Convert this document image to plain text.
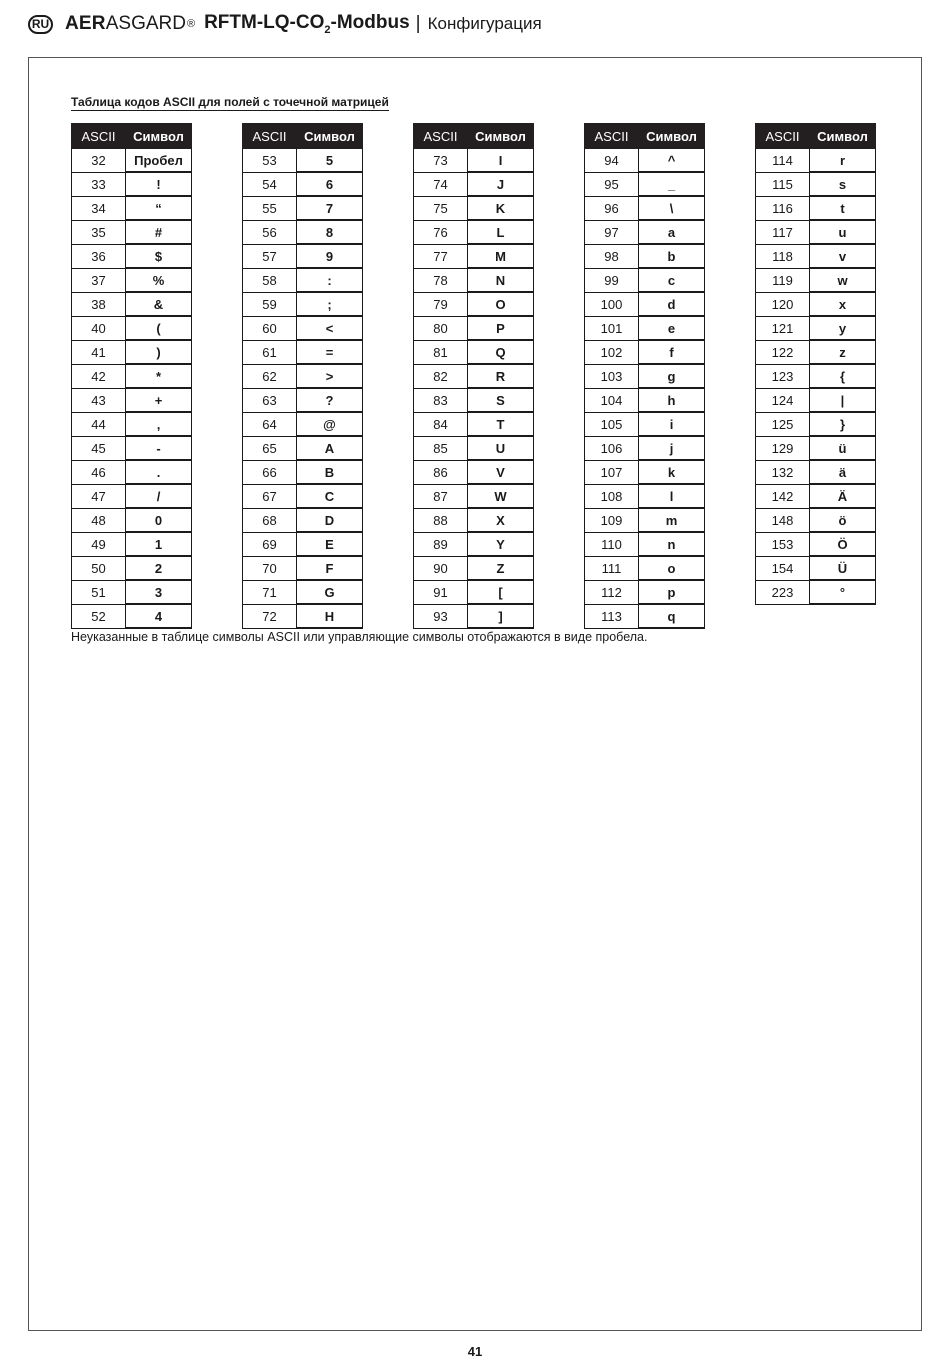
RU AER ASGARD ® RFTM-$LQ-CO_2$-Modbus | Конфигурация
Таблица кодов ASCII для полей с точечной матрицей
ASCII	Символ
32	Пробел
33	!
34	“
35	#
36	$
37	%
38	&
40	(
41	)
42	*
43	+
44	,
45	-
46	.
47	/
48	0
49	1
50	2
51	3
52	4
ASCII	Символ
53	5
54	6
55	7
56	8
57	9
58	:
59	;
60	<
61	=
62	>
63	?
64	@
65	A
66	B
67	C
68	D
69	E
70	F
71	G
72	H
ASCII	Символ
73	I
74	J
75	K
76	L
77	M
78	N
79	O
80	P
81	Q
82	R
83	S
84	T
85	U
86	V
87	W
88	X
89	Y
90	Z
91	[
93	]
ASCII	Символ
94	^
95	_
96	\
97	a
98	b
99	c
100	d
101	e
102	f
103	g
104	h
105	i
106	j
107	k
108	l
109	m
110	n
111	o
112	p
113	q
ASCII	Символ
114	r
115	s
116	t
117	u
118	v
119	w
120	x
121	y
122	z
123	{
124	|
125	}
129	ü
132	ä
142	Ä
148	ö
153	Ö
154	Ü
223	°
Неуказанные в таблице символы ASCII или управляющие символы отображаются в виде пробела.
41
